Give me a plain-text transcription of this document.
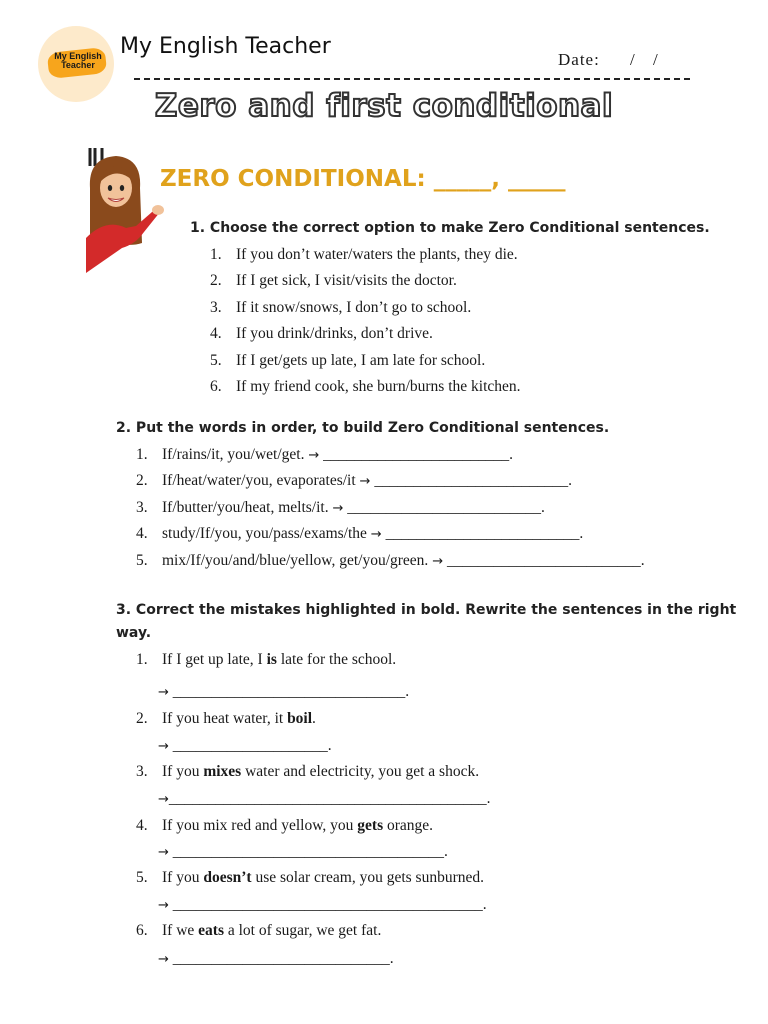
My English
Teacher
My English Teacher
Date: / /
Zero and first conditional
ZERO CONDITIONAL: _____, _____
1. Choose the correct option to make Zero Conditional sentences.
1. If you don’t water/waters the plants, they die.
2. If I get sick, I visit/visits the doctor.
3. If it snow/snows, I don’t go to school.
4. If you drink/drinks, don’t drive.
5. If I get/gets up late, I am late for school.
6. If my friend cook, she burn/burns the kitchen.
2. Put the words in order, to build Zero Conditional sentences.
1. If/rains/it, you/wet/get. → ________________________.
2. If/heat/water/you, evaporates/it → _________________________.
3. If/butter/you/heat, melts/it. → _________________________.
4. study/If/you, you/pass/exams/the → _________________________.
5. mix/If/you/and/blue/yellow, get/you/green. → _________________________.
3. Correct the mistakes highlighted in bold. Rewrite the sentences in the right
way.
1. If I get up late, I is late for the school.
→ ______________________________.
2. If you heat water, it boil.
→ ____________________.
3. If you mixes water and electricity, you get a shock.
→_________________________________________.
4. If you mix red and yellow, you gets orange.
→ ___________________________________.
5. If you doesn’t use solar cream, you gets sunburned.
→ ________________________________________.
6. If we eats a lot of sugar, we get fat.
→ ____________________________.
